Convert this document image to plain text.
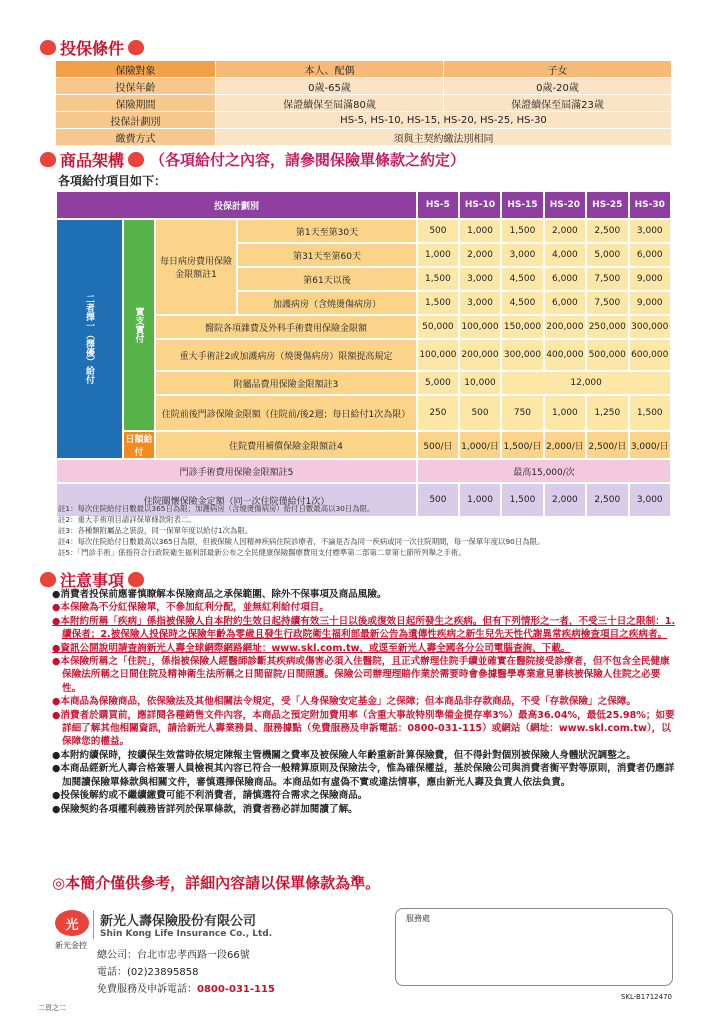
投保條件
保險對象	本人、配偶	子女
投保年齡	0歲-65歲	0歲-20歲
保險期間	保證續保至屆滿80歲	保證續保至屆滿23歲
投保計劃別	HS-5, HS-10, HS-15, HS-20, HS-25, HS-30	
繳費方式	須與主契約繳法別相同	
商品架構 （各項給付之內容，請參閱保險單條款之約定）
各項給付項目如下：
投保計劃別				HS-5	HS-10	HS-15	HS-20	HS-25	HS-30
二者擇一（擇優）給付	實支實付	每日病房費用保險金限額註1	第1天至第30天	500	1,000	1,500	2,000	2,500	3,000
			第31天至第60天	1,000	2,000	3,000	4,000	5,000	6,000
			第61天以後	1,500	3,000	4,500	6,000	7,500	9,000
			加護病房（含燒燙傷病房）	1,500	3,000	4,500	6,000	7,500	9,000
		醫院各項雜費及外科手術費用保險金限額		50,000	100,000	150,000	200,000	250,000	300,000
		重大手術註2或加護病房（燒燙傷病房）限額提高規定		100,000	200,000	300,000	400,000	500,000	600,000
		附屬品費用保險金限額註3		5,000	10,000	12,000			
		住院前後門診保險金限額（住院前/後2週；每日給付1次為限）		250	500	750	1,000	1,250	1,500
	日額給付	住院費用補償保險金限額註4		500/日	1,000/日	1,500/日	2,000/日	2,500/日	3,000/日
門診手術費用保險金限額註5				最高15,000/次					
住院關懷保險金定額（同一次住院僅給付1次）				500	1,000	1,500	2,000	2,500	3,000
註1：每次住院給付日數最以365日為限；加護病房（含燒燙傷病房）給付日數最高以30日為限。
註2：重大手術項目請詳保單條款附表二。
註3：各種類附屬品之裝設，同一保單年度以給付1次為限。
註4：每次住院給付日數最高以365日為限，但被保險人因精神疾病住院診療者，不論是否為同一疾病或同一次住院期間，每一保單年度以90日為限。
註5：「門診手術」係指符合行政院衛生福利部最新公布之全民健康保險醫療費用支付標準第二部第二章第七節所列舉之手術。
注意事項

●消費者投保前應審慎瞭解本保險商品之承保範圍、除外不保事項及商品風險。

●本保險為不分紅保險單，不參加紅利分配，並無紅利給付項目。

●本附約所稱「疾病」係指被保險人自本附約生效日起持續有效三十日以後或復效日起所發生之疾病。但有下列情形之一者，不受三十日之限制：1.續保者；2.被保險人投保時之保險年齡為零歲且發生行政院衛生福利部最新公告為遺傳性疾病之新生兒先天性代謝異常疾病檢查項目之疾病者。

●資訊公開說明請查詢新光人壽全球網際網路網址：www.skl.com.tw，或逕至新光人壽全國各分公司電腦查詢、下載。

●本保險所稱之「住院」，係指被保險人經醫師診斷其疾病或傷害必須入住醫院，且正式辦理住院手續並確實在醫院接受診療者，但不包含全民健康保險法所稱之日間住院及精神衛生法所稱之日間留院/日間照護。保險公司辦理理賠作業於需要時會參據醫學專業意見審核被保險人住院之必要性。

●本商品為保險商品，依保險法及其他相關法令規定，受「人身保險安定基金」之保障；但本商品非存款商品，不受「存款保險」之保障。

●消費者於購買前，應詳閱各種銷售文件內容，本商品之預定附加費用率（含重大事故特別準備金提存率3%）最高36.04%，最低25.98%；如要詳細了解其他相關資訊，請洽新光人壽業務員、服務據點（免費服務及申訴電話：0800-031-115）或網站（網址：www.skl.com.tw），以保障您的權益。

●本附約續保時，按續保生效當時依規定陳報主管機關之費率及被保險人年齡重新計算保險費，但不得針對個別被保險人身體狀況調整之。

●本商品經新光人壽合格簽署人員檢視其內容已符合一般精算原則及保險法令，惟為確保權益，基於保險公司與消費者衡平對等原則，消費者仍應詳加閱讀保險單條款與相關文件，審慎選擇保險商品。本商品如有虛偽不實或違法情事，應由新光人壽及負責人依法負責。

●投保後解約或不繼續繳費可能不利消費者，請慎選符合需求之保險商品。

●保險契約各項權利義務皆詳列於保單條款，消費者務必詳加閱讀了解。

◎本簡介僅供參考，詳細內容請以保單條款為準。
光
新光金控
新光人壽保險股份有限公司
Shin Kong Life Insurance Co., Ltd.
總公司：台北市忠孝西路一段66號
電話：(02)23895858
免費服務及申訴電話：0800-031-115
服務處
SKL-B1712470
二頁之二
